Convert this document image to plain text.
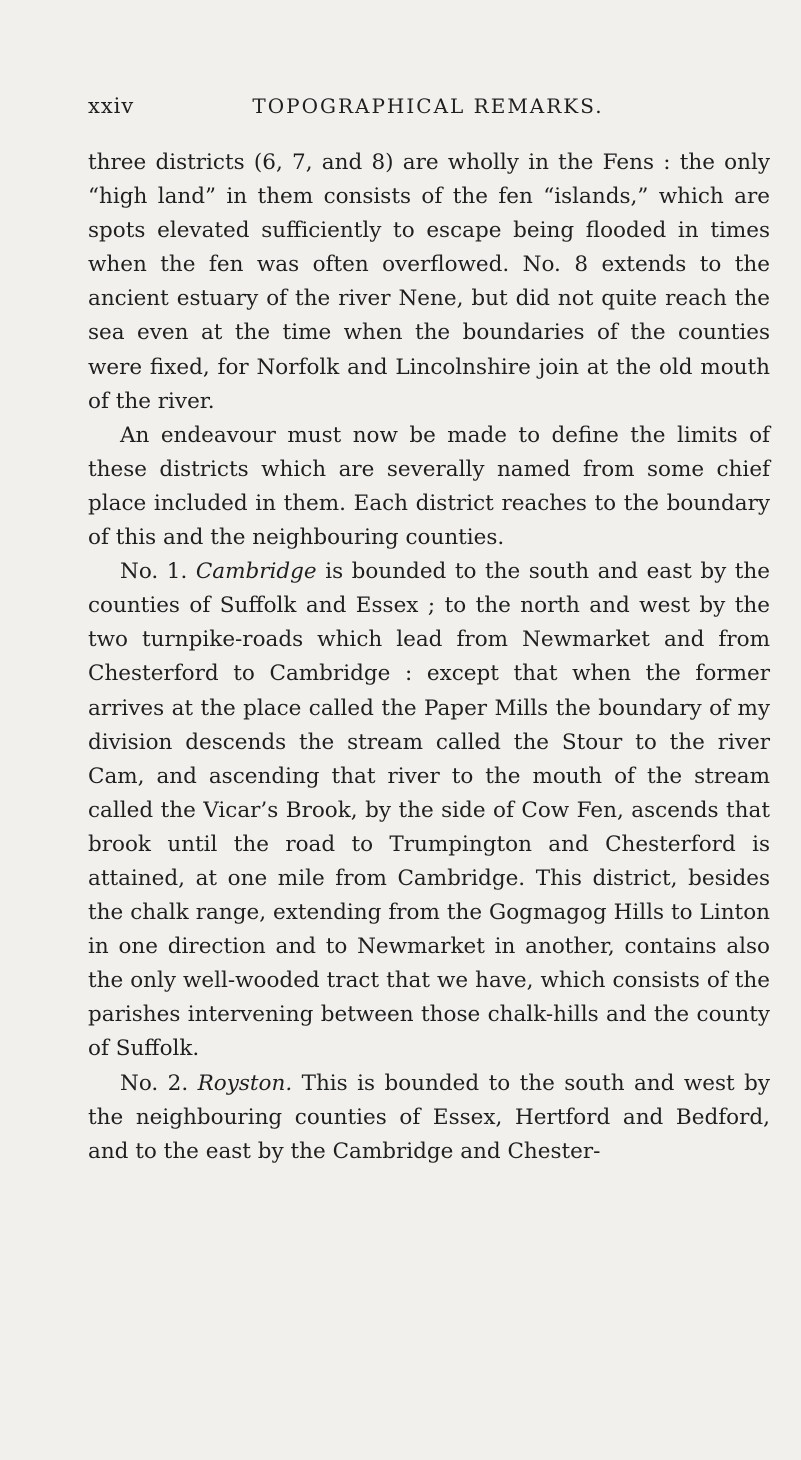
xxiv	TOPOGRAPHICAL REMARKS.

three districts (6, 7, and 8) are wholly in the Fens : the only “high land” in them consists of the fen “islands,” which are spots elevated sufficiently to escape being flooded in times when the fen was often overflowed. No. 8 extends to the ancient estuary of the river Nene, but did not quite reach the sea even at the time when the boundaries of the counties were fixed, for Norfolk and Lincolnshire join at the old mouth of the river.

An endeavour must now be made to define the limits of these districts which are severally named from some chief place included in them. Each district reaches to the boundary of this and the neighbouring counties.

No. 1. Cambridge is bounded to the south and east by the counties of Suffolk and Essex ; to the north and west by the two turnpike-roads which lead from Newmarket and from Chesterford to Cambridge : except that when the former arrives at the place called the Paper Mills the boundary of my division descends the stream called the Stour to the river Cam, and ascending that river to the mouth of the stream called the Vicar’s Brook, by the side of Cow Fen, ascends that brook until the road to Trumpington and Chesterford is attained, at one mile from Cambridge. This district, besides the chalk range, extending from the Gogmagog Hills to Linton in one direction and to Newmarket in another, contains also the only well-wooded tract that we have, which consists of the parishes intervening between those chalk-hills and the county of Suffolk.

No. 2. Royston. This is bounded to the south and west by the neighbouring counties of Essex, Hertford and Bedford, and to the east by the Cambridge and Chester-
